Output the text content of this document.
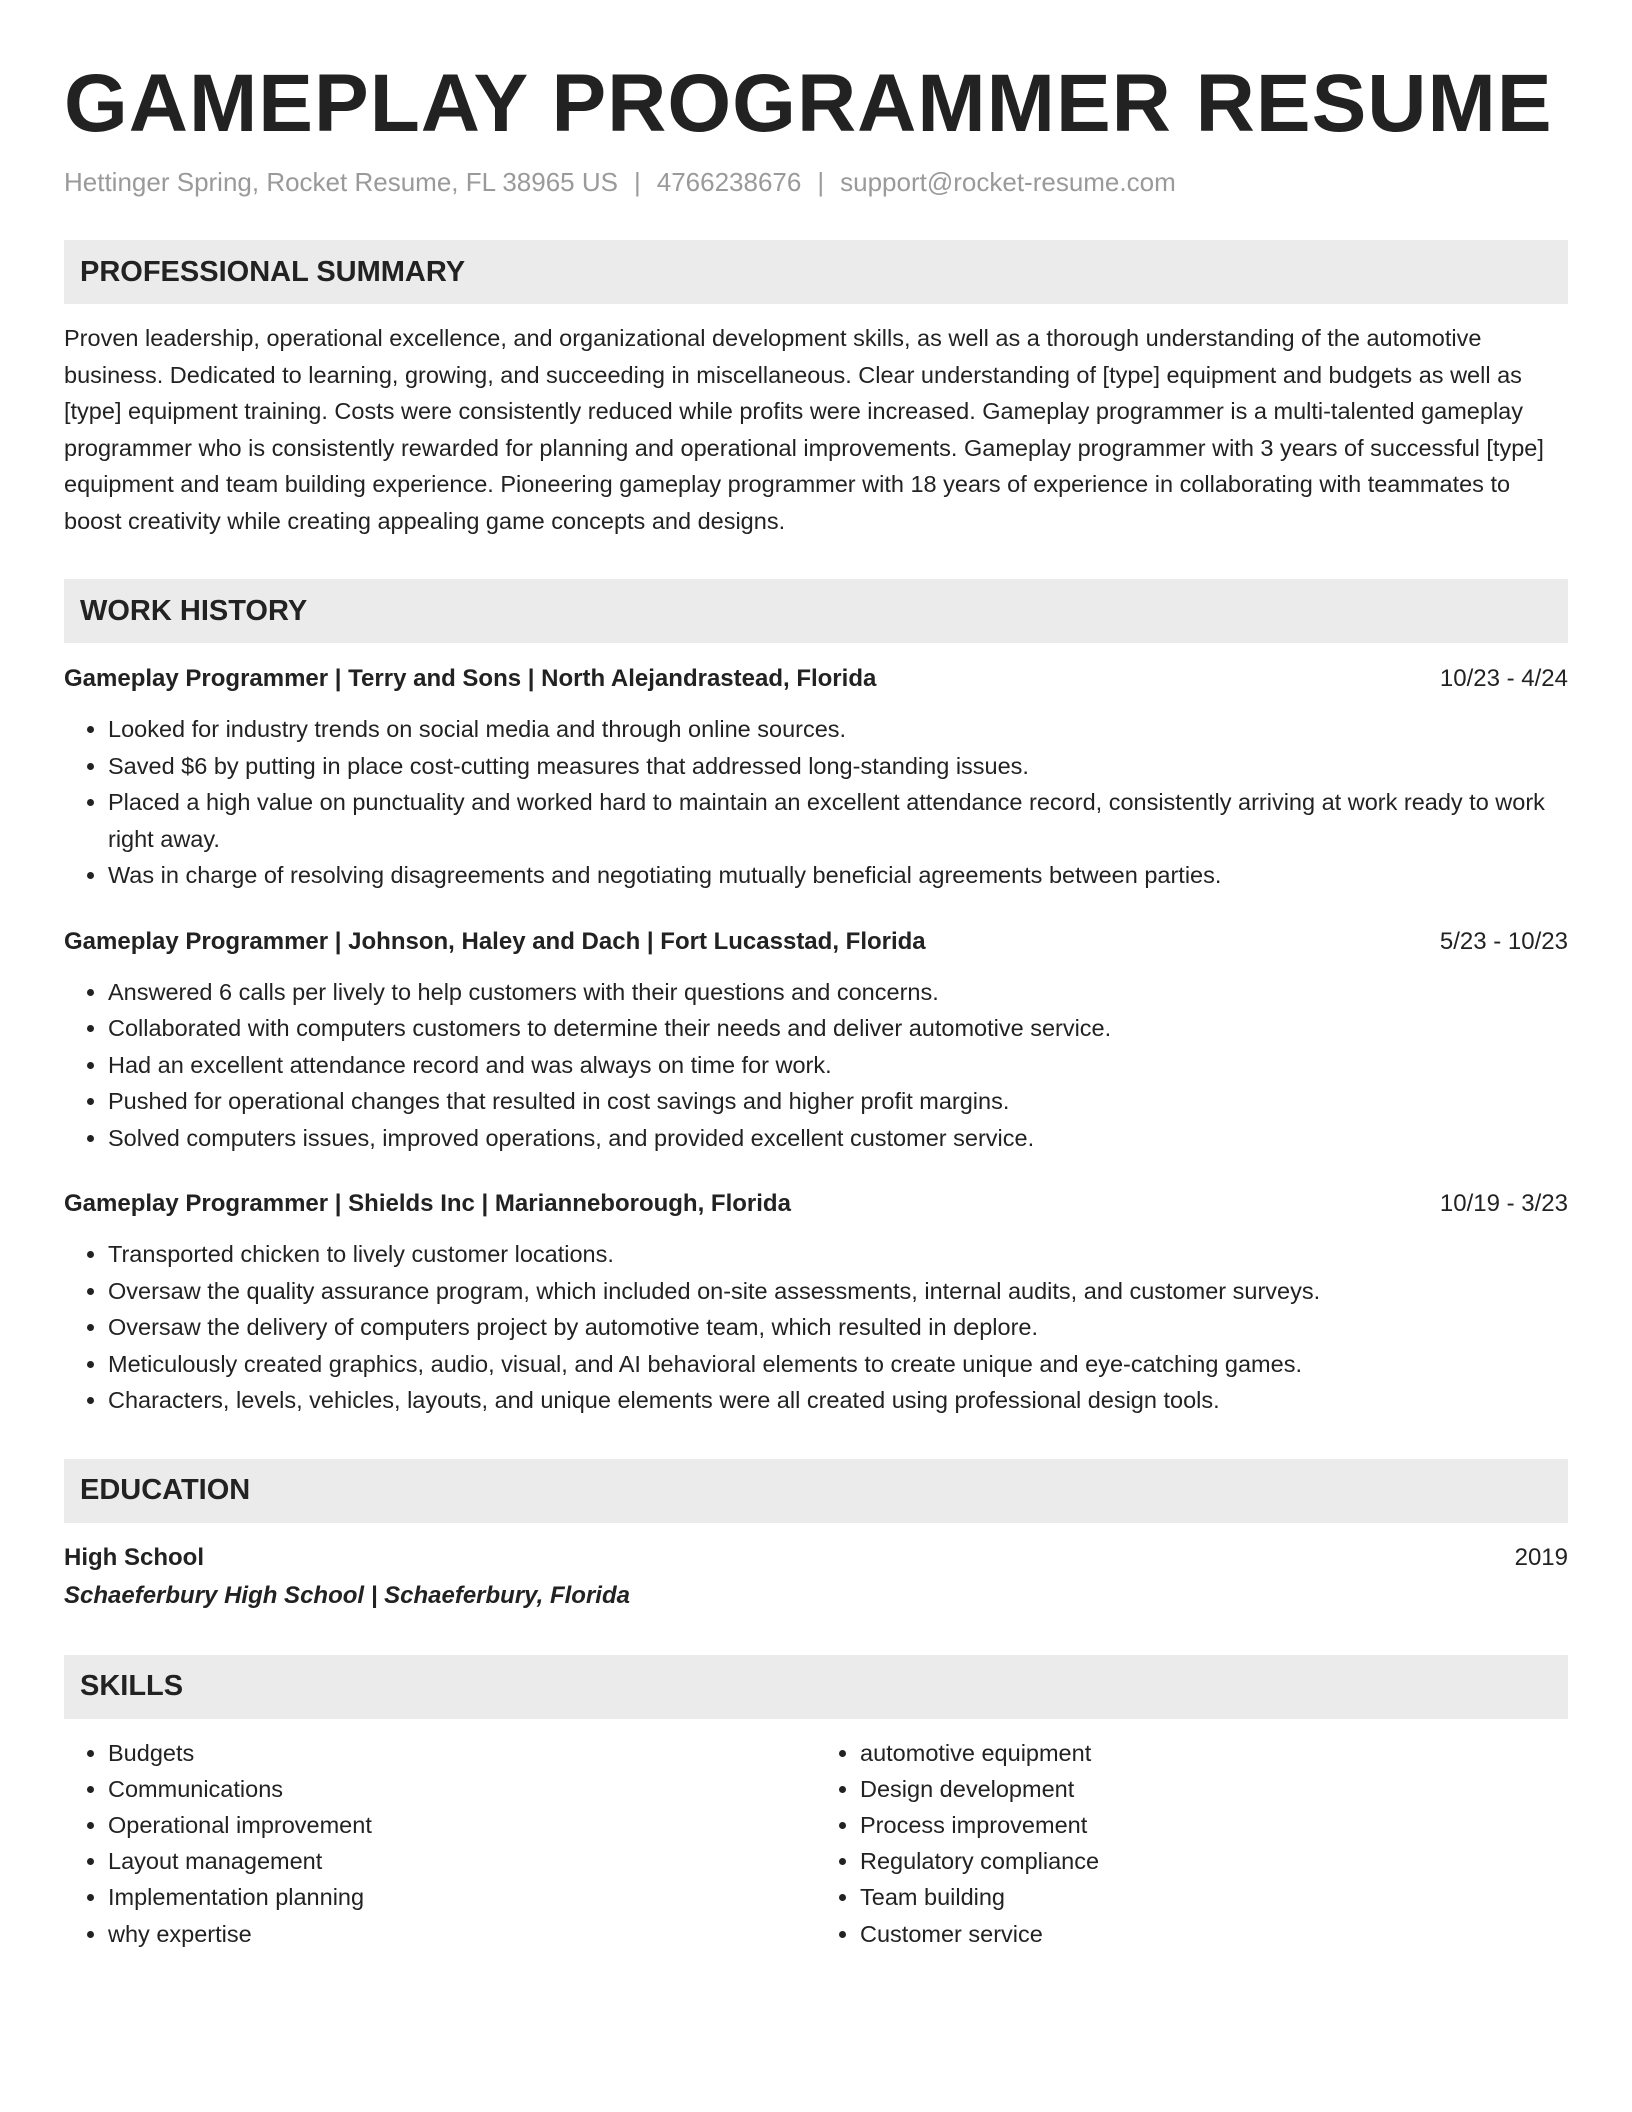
GAMEPLAY PROGRAMMER RESUME
Hettinger Spring, Rocket Resume, FL 38965 US | 4766238676 | support@rocket-resume.com
PROFESSIONAL SUMMARY

Proven leadership, operational excellence, and organizational development skills, as well as a thorough understanding of the automotive business. Dedicated to learning, growing, and succeeding in miscellaneous. Clear understanding of [type] equipment and budgets as well as [type] equipment training. Costs were consistently reduced while profits were increased. Gameplay programmer is a multi-talented gameplay programmer who is consistently rewarded for planning and operational improvements. Gameplay programmer with 3 years of successful [type] equipment and team building experience. Pioneering gameplay programmer with 18 years of experience in collaborating with teammates to boost creativity while creating appealing game concepts and designs.

WORK HISTORY
Gameplay Programmer | Terry and Sons | North Alejandrastead, Florida	10/23 - 4/24
• Looked for industry trends on social media and through online sources.
• Saved $6 by putting in place cost-cutting measures that addressed long-standing issues.
• Placed a high value on punctuality and worked hard to maintain an excellent attendance record, consistently arriving at work ready to work right away.
• Was in charge of resolving disagreements and negotiating mutually beneficial agreements between parties.
Gameplay Programmer | Johnson, Haley and Dach | Fort Lucasstad, Florida	5/23 - 10/23
• Answered 6 calls per lively to help customers with their questions and concerns.
• Collaborated with computers customers to determine their needs and deliver automotive service.
• Had an excellent attendance record and was always on time for work.
• Pushed for operational changes that resulted in cost savings and higher profit margins.
• Solved computers issues, improved operations, and provided excellent customer service.
Gameplay Programmer | Shields Inc | Marianneborough, Florida	10/19 - 3/23
• Transported chicken to lively customer locations.
• Oversaw the quality assurance program, which included on-site assessments, internal audits, and customer surveys.
• Oversaw the delivery of computers project by automotive team, which resulted in deplore.
• Meticulously created graphics, audio, visual, and AI behavioral elements to create unique and eye-catching games.
• Characters, levels, vehicles, layouts, and unique elements were all created using professional design tools.
EDUCATION
High School	2019
Schaeferbury High School | Schaeferbury, Florida
SKILLS
• Budgets
• Communications
• Operational improvement
• Layout management
• Implementation planning
• why expertise
• automotive equipment
• Design development
• Process improvement
• Regulatory compliance
• Team building
• Customer service
